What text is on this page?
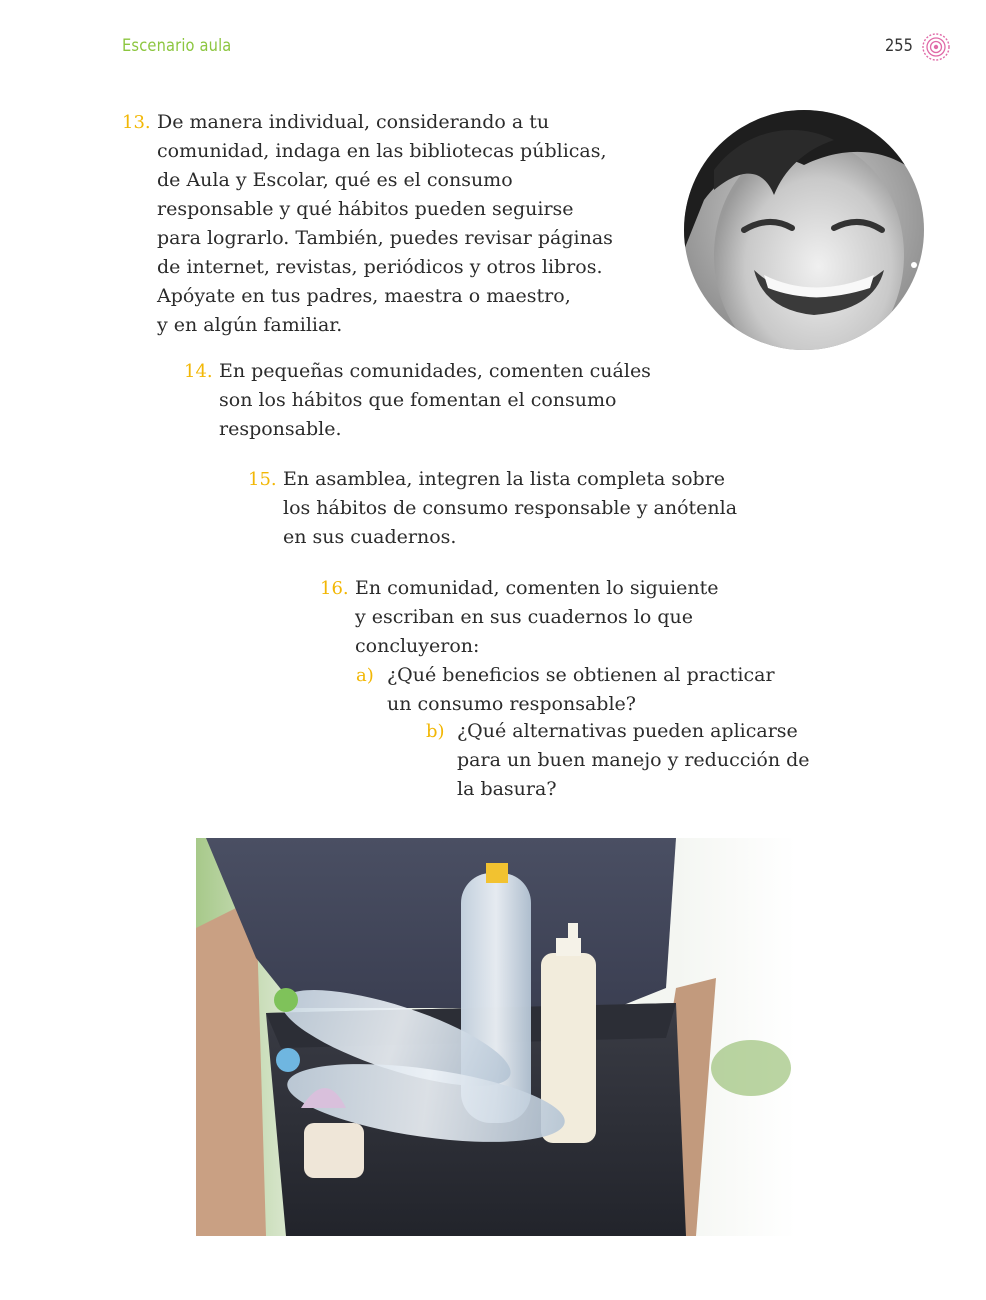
Escenario aula	255
13. De manera individual, considerando a tu
comunidad, indaga en las bibliotecas públicas,
de Aula y Escolar, qué es el consumo
responsable y qué hábitos pueden seguirse
para lograrlo. También, puedes revisar páginas
de internet, revistas, periódicos y otros libros.
Apóyate en tus padres, maestra o maestro,
y en algún familiar.
14. En pequeñas comunidades, comenten cuáles
son los hábitos que fomentan el consumo
responsable.
15. En asamblea, integren la lista completa sobre
los hábitos de consumo responsable y anótenla
en sus cuadernos.
16. En comunidad, comenten lo siguiente
y escriban en sus cuadernos lo que
concluyeron:
a) ¿Qué beneficios se obtienen al practicar
un consumo responsable?
b) ¿Qué alternativas pueden aplicarse
para un buen manejo y reducción de
la basura?
